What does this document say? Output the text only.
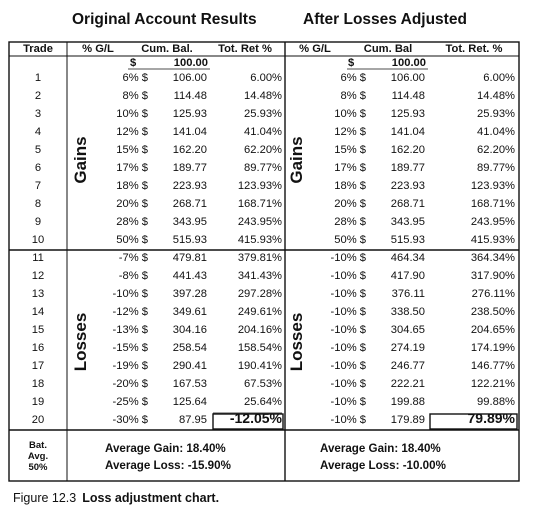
Original Account Results	After Losses Adjusted
Trade	% G/L	Cum. Bal.	Tot. Ret %	% G/L	Cum. Bal	Tot. Ret. %
$	100.00	$	100.00
1	6% $	106.00	6.00%	6% $	106.00	6.00%
2	8% $	114.48	14.48%	8% $	114.48	14.48%
3	10% $	125.93	25.93%	10% $	125.93	25.93%
4	12% $	141.04	41.04%	12% $	141.04	41.04%
5	15% $	162.20	62.20%	15% $	162.20	62.20%
6	17% $	189.77	89.77%	17% $	189.77	89.77%
7	18% $	223.93	123.93%	18% $	223.93	123.93%
8	20% $	268.71	168.71%	20% $	268.71	168.71%
9	28% $	343.95	243.95%	28% $	343.95	243.95%
10	50% $	515.93	415.93%	50% $	515.93	415.93%
11	-7% $	479.81	379.81%	-10% $	464.34	364.34%
12	-8% $	441.43	341.43%	-10% $	417.90	317.90%
13	-10% $	397.28	297.28%	-10% $	376.11	276.11%
14	-12% $	349.61	249.61%	-10% $	338.50	238.50%
15	-13% $	304.16	204.16%	-10% $	304.65	204.65%
16	-15% $	258.54	158.54%	-10% $	274.19	174.19%
17	-19% $	290.41	190.41%	-10% $	246.77	146.77%
18	-20% $	167.53	67.53%	-10% $	222.21	122.21%
19	-25% $	125.64	25.64%	-10% $	199.88	99.88%
20	-30% $	87.95	-12.05%	-10% $	179.89	79.89%
Gains
Losses
Gains
Losses
Bat.
Avg.
50%
Average Gain: 18.40%
Average Loss: -15.90%
Average Gain: 18.40%
Average Loss: -10.00%
Figure 12.3 Loss adjustment chart.
